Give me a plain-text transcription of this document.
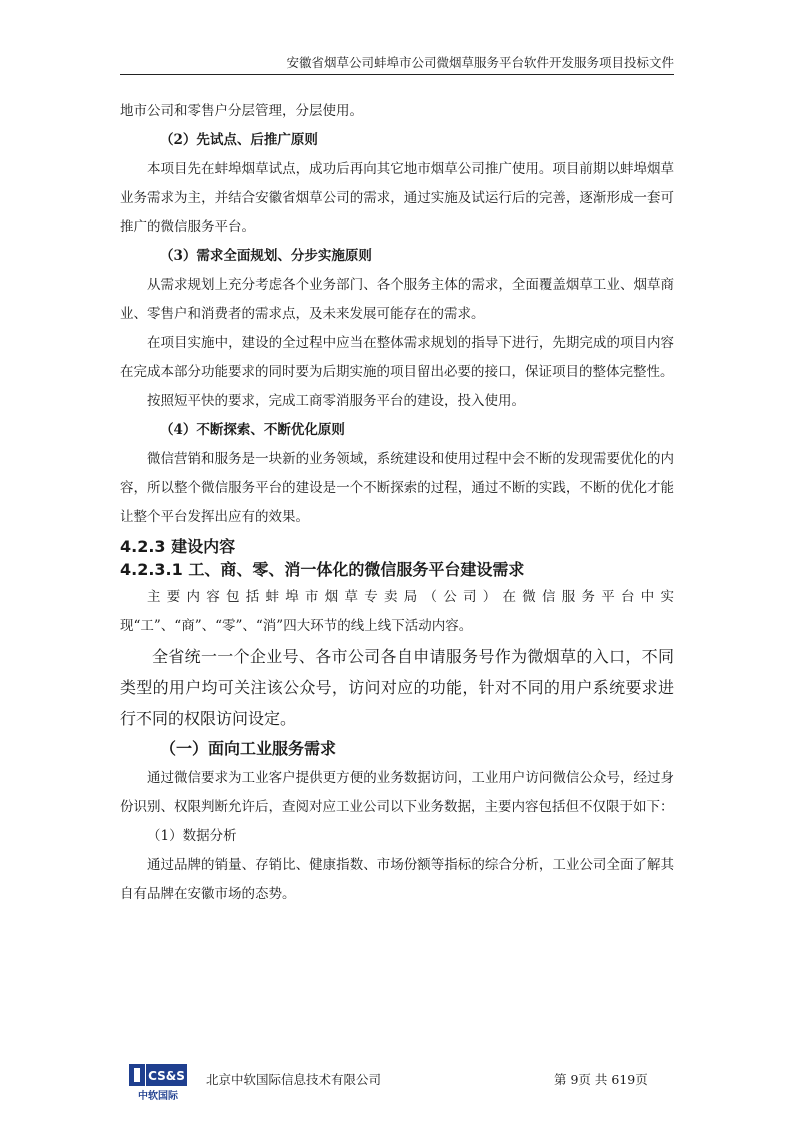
安徽省烟草公司蚌埠市公司微烟草服务平台软件开发服务项目投标文件

地市公司和零售户分层管理，分层使用。

（2）先试点、后推广原则

本项目先在蚌埠烟草试点，成功后再向其它地市烟草公司推广使用。项目前期以蚌埠烟草业务需求为主，并结合安徽省烟草公司的需求，通过实施及试运行后的完善，逐渐形成一套可推广的微信服务平台。

（3）需求全面规划、分步实施原则

从需求规划上充分考虑各个业务部门、各个服务主体的需求，全面覆盖烟草工业、烟草商业、零售户和消费者的需求点，及未来发展可能存在的需求。

在项目实施中，建设的全过程中应当在整体需求规划的指导下进行，先期完成的项目内容在完成本部分功能要求的同时要为后期实施的项目留出必要的接口，保证项目的整体完整性。

按照短平快的要求，完成工商零消服务平台的建设，投入使用。

（4）不断探索、不断优化原则

微信营销和服务是一块新的业务领域，系统建设和使用过程中会不断的发现需要优化的内容，所以整个微信服务平台的建设是一个不断探索的过程，通过不断的实践，不断的优化才能让整个平台发挥出应有的效果。

4.2.3 建设内容

4.2.3.1 工、商、零、消一体化的微信服务平台建设需求

主要内容包括蚌埠市烟草专卖局（公司）在微信服务平台中实现“工”、“商”、“零”、“消”四大环节的线上线下活动内容。

全省统一一个企业号、各市公司各自申请服务号作为微烟草的入口，不同类型的用户均可关注该公众号，访问对应的功能，针对不同的用户系统要求进行不同的权限访问设定。

（一）面向工业服务需求

通过微信要求为工业客户提供更方便的业务数据访问，工业用户访问微信公众号，经过身份识别、权限判断允许后，查阅对应工业公司以下业务数据，主要内容包括但不仅限于如下：

（1）数据分析

通过品牌的销量、存销比、健康指数、市场份额等指标的综合分析，工业公司全面了解其自有品牌在安徽市场的态势。

CS&S
中软国际
北京中软国际信息技术有限公司	第 9页 共 619页
